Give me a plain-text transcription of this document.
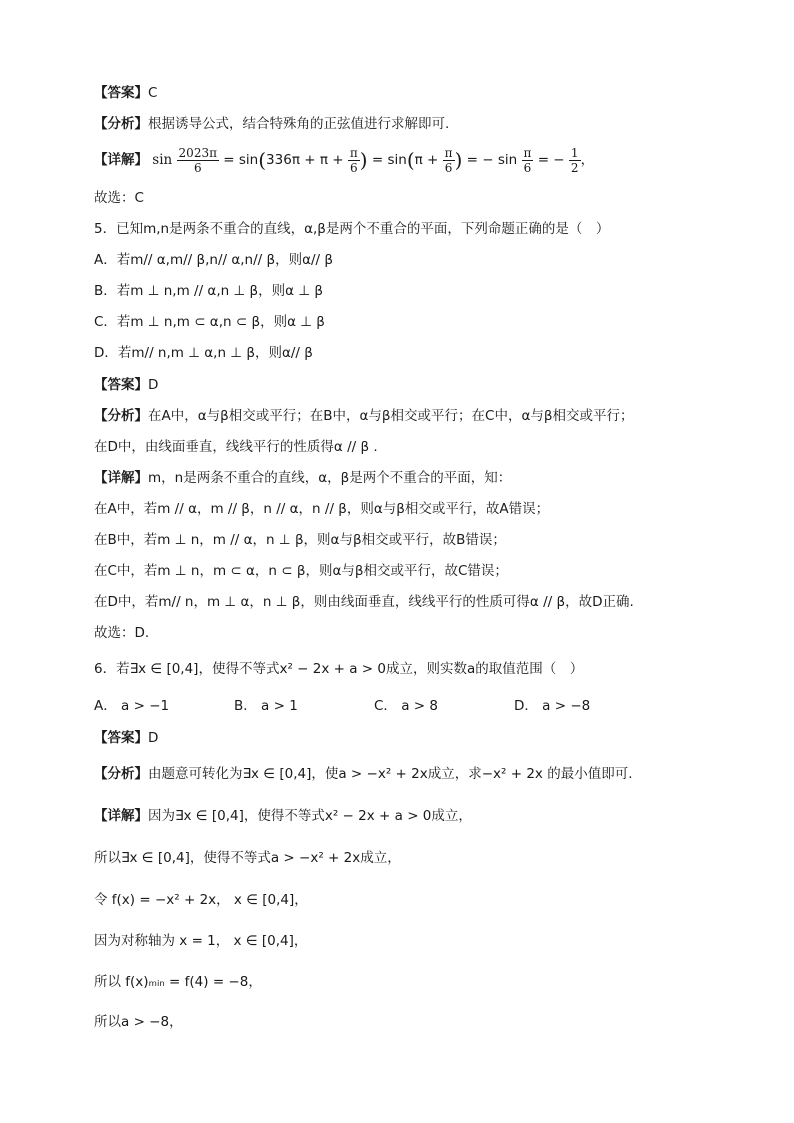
【答案】C
【分析】根据诱导公式，结合特殊角的正弦值进行求解即可.
【详解】 $\sin \frac{2023\pi}{6} = \sin(336\pi + \pi + \frac{\pi}{6}$ ) = $\sin(\pi + \frac{\pi}{6}$ ) = − $\sin \frac{\pi}{6}$ = − $\frac{1}{2}$ ，
故选：C
5．已知m,n是两条不重合的直线，α,β是两个不重合的平面，下列命题正确的是（　）
A．若m// α,m// β,n// α,n// β，则α// β
B．若m ⊥ n,m // α,n ⊥ β，则α ⊥ β
C．若m ⊥ n,m ⊂ α,n ⊂ β，则α ⊥ β
D．若m// n,m ⊥ α,n ⊥ β，则α// β
【答案】D
【分析】在A中，α与β相交或平行；在B中，α与β相交或平行；在C中，α与β相交或平行；
在D中，由线面垂直，线线平行的性质得α // β .
【详解】m，n是两条不重合的直线，α，β是两个不重合的平面，知：
在A中，若m // α，m // β，n // α，n // β，则α与β相交或平行，故A错误；
在B中，若m ⊥ n，m // α，n ⊥ β，则α与β相交或平行，故B错误；
在C中，若m ⊥ n，m ⊂ α，n ⊂ β，则α与β相交或平行，故C错误；
在D中，若m// n，m ⊥ α，n ⊥ β，则由线面垂直，线线平行的性质可得α // β，故D正确.
故选：D.
6．若∃x ∈ [0,4]，使得不等式x² − 2x + a > 0成立，则实数a的取值范围（　）
A． a > −1	B． a > 1	C． a > 8	D． a > −8
【答案】D
【分析】由题意可转化为∃x ∈ [0,4]，使a > −x² + 2x成立，求−x² + 2x 的最小值即可.
【详解】因为∃x ∈ [0,4]，使得不等式x² − 2x + a > 0成立，
所以∃x ∈ [0,4]，使得不等式a > −x² + 2x成立，
令 f(x) = −x² + 2x， x ∈ [0,4]，
因为对称轴为 x = 1， x ∈ [0,4]，
所以 f(x)ₘᵢₙ = f(4) = −8，
所以a > −8，
